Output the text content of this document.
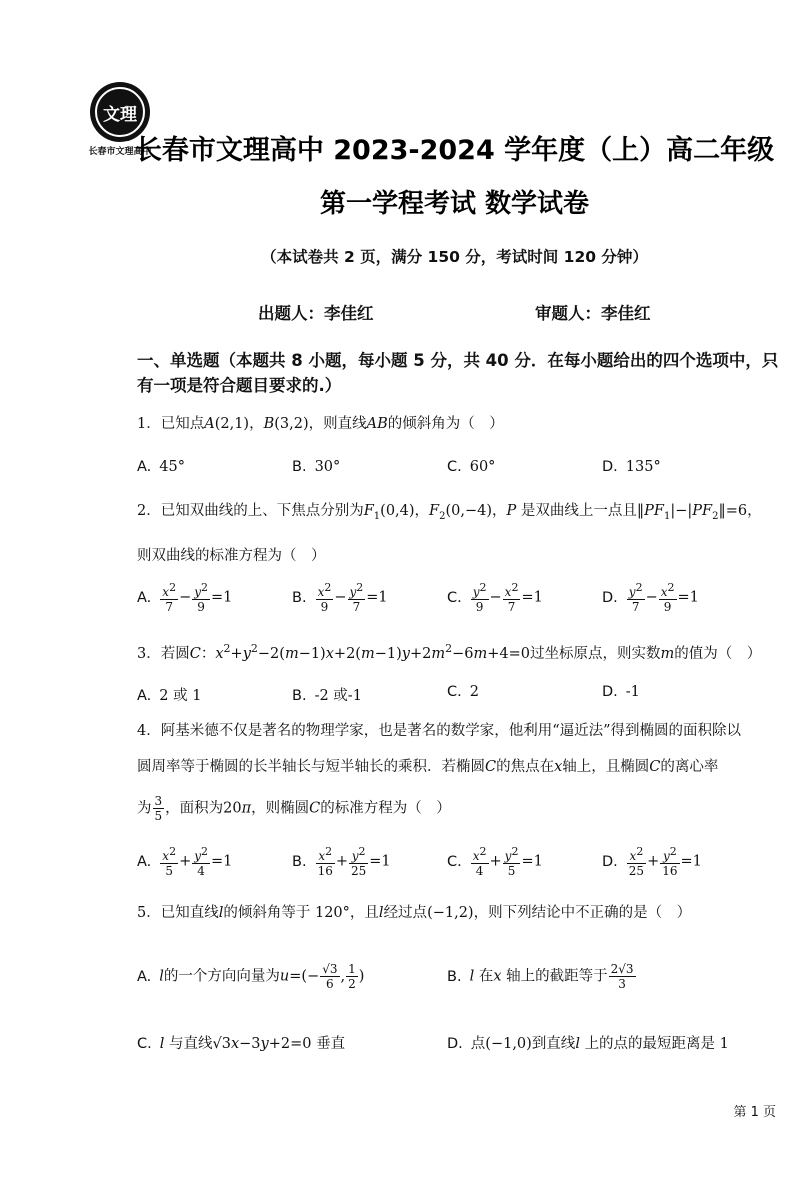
文理
长春市文理高中
长春市文理高中 2023-2024 学年度（上）高二年级
第一学程考试 数学试卷
（本试卷共 2 页，满分 150 分，考试时间 120 分钟）
出题人：李佳红	审题人：李佳红
一、单选题（本题共 8 小题，每小题 5 分，共 40 分．在每小题给出的四个选项中，只有一项是符合题目要求的.）
1．已知点A(2,1)，B(3,2)，则直线AB的倾斜角为（　）
A. 45°	B. 30°	C. 60°	D. 135°
2．已知双曲线的上、下焦点分别为$F_1(0,4)$，$F_2(0,-4)$，P 是双曲线上一点且$‖PF_1|-|PF_2‖=6$，
则双曲线的标准方程为（　）
A. $\frac{x2}{7} - \frac{y2}{9} =1$	B. $\frac{x2}{9} - \frac{y2}{7} =1$	C. $\frac{y2}{9} - \frac{x2}{7} =1$	D. $\frac{y2}{7} - \frac{x2}{9} =1$
3．若圆C：$x^2+y^2-2(m-1)x+2(m-1)y+2m^2-6m+4=0$过坐标原点，则实数m的值为（　）
A. 2 或 1	B. -2 或-1	C. 2	D. -1
4．阿基米德不仅是著名的物理学家，也是著名的数学家，他利用“逼近法”得到椭圆的面积除以
圆周率等于椭圆的长半轴长与短半轴长的乘积．若椭圆C的焦点在x轴上，且椭圆C的离心率
为 $\frac{3}{5}$ ，面积为20π，则椭圆C的标准方程为（　）
A. $\frac{x2}{5} + \frac{y2}{4} =1$	B. $\frac{x2}{16} + \frac{y2}{25} =1$	C. $\frac{x2}{4} + \frac{y2}{5} =1$	D. $\frac{x2}{25} + \frac{y2}{16} =1$
5．已知直线l的倾斜角等于 120°，且l经过点(−1,2)，则下列结论中不正确的是（　）
A. l的一个方向向量为$u=(- \frac{√3}{6}$ , $\frac{1}{2}$ )	B. l 在x 轴上的截距等于 $\frac{2√3}{3}$
C. l 与直线√3x−3y+2=0 垂直	D. 点(−1,0)到直线l 上的点的最短距离是 1
第 1 页
